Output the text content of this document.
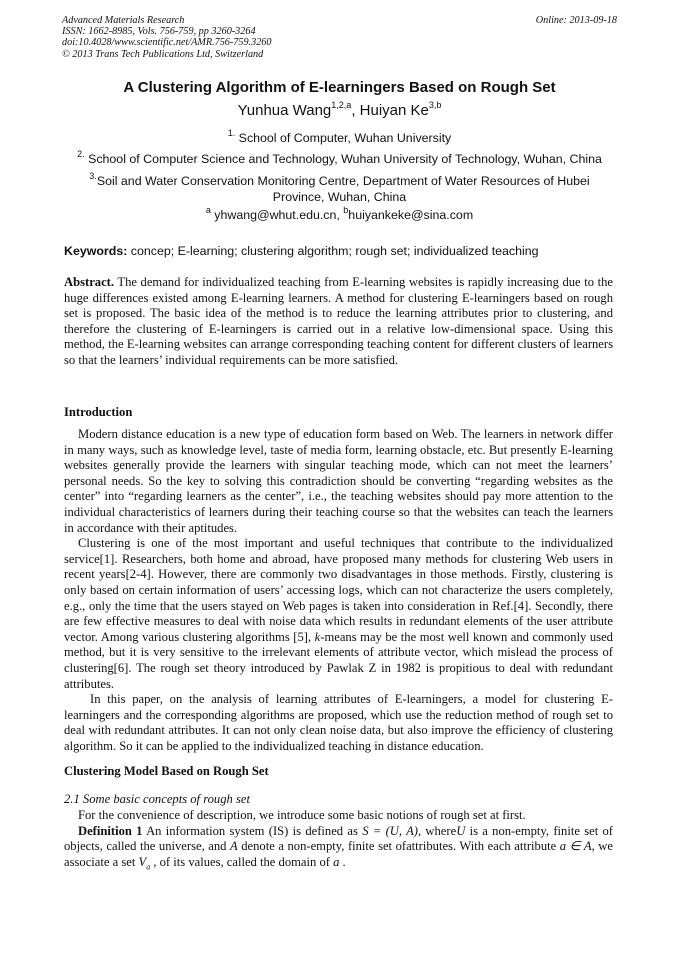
Advanced Materials Research
ISSN: 1662-8985, Vols. 756-759, pp 3260-3264
doi:10.4028/www.scientific.net/AMR.756-759.3260
© 2013 Trans Tech Publications Ltd, Switzerland
Online: 2013-09-18
A Clustering Algorithm of E-learningers Based on Rough Set
Yunhua Wang$^{1,2,a}$, Huiyan Ke$^{3,b}$
$^{1.}$ School of Computer, Wuhan University
$^{2.}$ School of Computer Science and Technology, Wuhan University of Technology, Wuhan, China
$^{3.}$Soil and Water Conservation Monitoring Centre, Department of Water Resources of Hubei
Province, Wuhan, China
$^a$ yhwang@whut.edu.cn, $^b$huiyankeke@sina.com
Keywords: concep; E-learning; clustering algorithm; rough set; individualized teaching

Abstract. The demand for individualized teaching from E-learning websites is rapidly increasing due to the huge differences existed among E-learning learners. A method for clustering E-learningers based on rough set is proposed. The basic idea of the method is to reduce the learning attributes prior to clustering, and therefore the clustering of E-learningers is carried out in a relative low-dimensional space. Using this method, the E-learning websites can arrange corresponding teaching content for different clusters of learners so that the learners’ individual requirements can be more satisfied.

Introduction

Modern distance education is a new type of education form based on Web. The learners in network differ in many ways, such as knowledge level, taste of media form, learning obstacle, etc. But presently E-learning websites generally provide the learners with singular teaching mode, which can not meet the learners’ personal needs. So the key to solving this contradiction should be converting “regarding websites as the center” into “regarding learners as the center”, i.e., the teaching websites should pay more attention to the individual characteristics of learners during their teaching course so that the websites can teach the learners in accordance with their aptitudes.

Clustering is one of the most important and useful techniques that contribute to the individualized service[1]. Researchers, both home and abroad, have proposed many methods for clustering Web users in recent years[2-4]. However, there are commonly two disadvantages in those methods. Firstly, clustering is only based on certain information of users’ accessing logs, which can not characterize the users completely, e.g., only the time that the users stayed on Web pages is taken into consideration in Ref.[4]. Secondly, there are few effective measures to deal with noise data which results in redundant elements of the user attribute vector. Among various clustering algorithms [5], k-means may be the most well known and commonly used method, but it is very sensitive to the irrelevant elements of attribute vector, which mislead the process of clustering[6]. The rough set theory introduced by Pawlak Z in 1982 is propitious to deal with redundant attributes.

In this paper, on the analysis of learning attributes of E-learningers, a model for clustering E-learningers and the corresponding algorithms are proposed, which use the reduction method of rough set to deal with redundant attributes. It can not only clean noise data, but also improve the efficiency of clustering algorithm. So it can be applied to the individualized teaching in distance education.

Clustering Model Based on Rough Set
2.1 Some basic concepts of rough set

For the convenience of description, we introduce some basic notions of rough set at first.

Definition 1 An information system (IS) is defined as S = (U, A), whereU is a non-empty, finite set of objects, called the universe, and A denote a non-empty, finite set ofattributes. With each attribute a ∈ A, we associate a set $V_a$ , of its values, called the domain of a .
